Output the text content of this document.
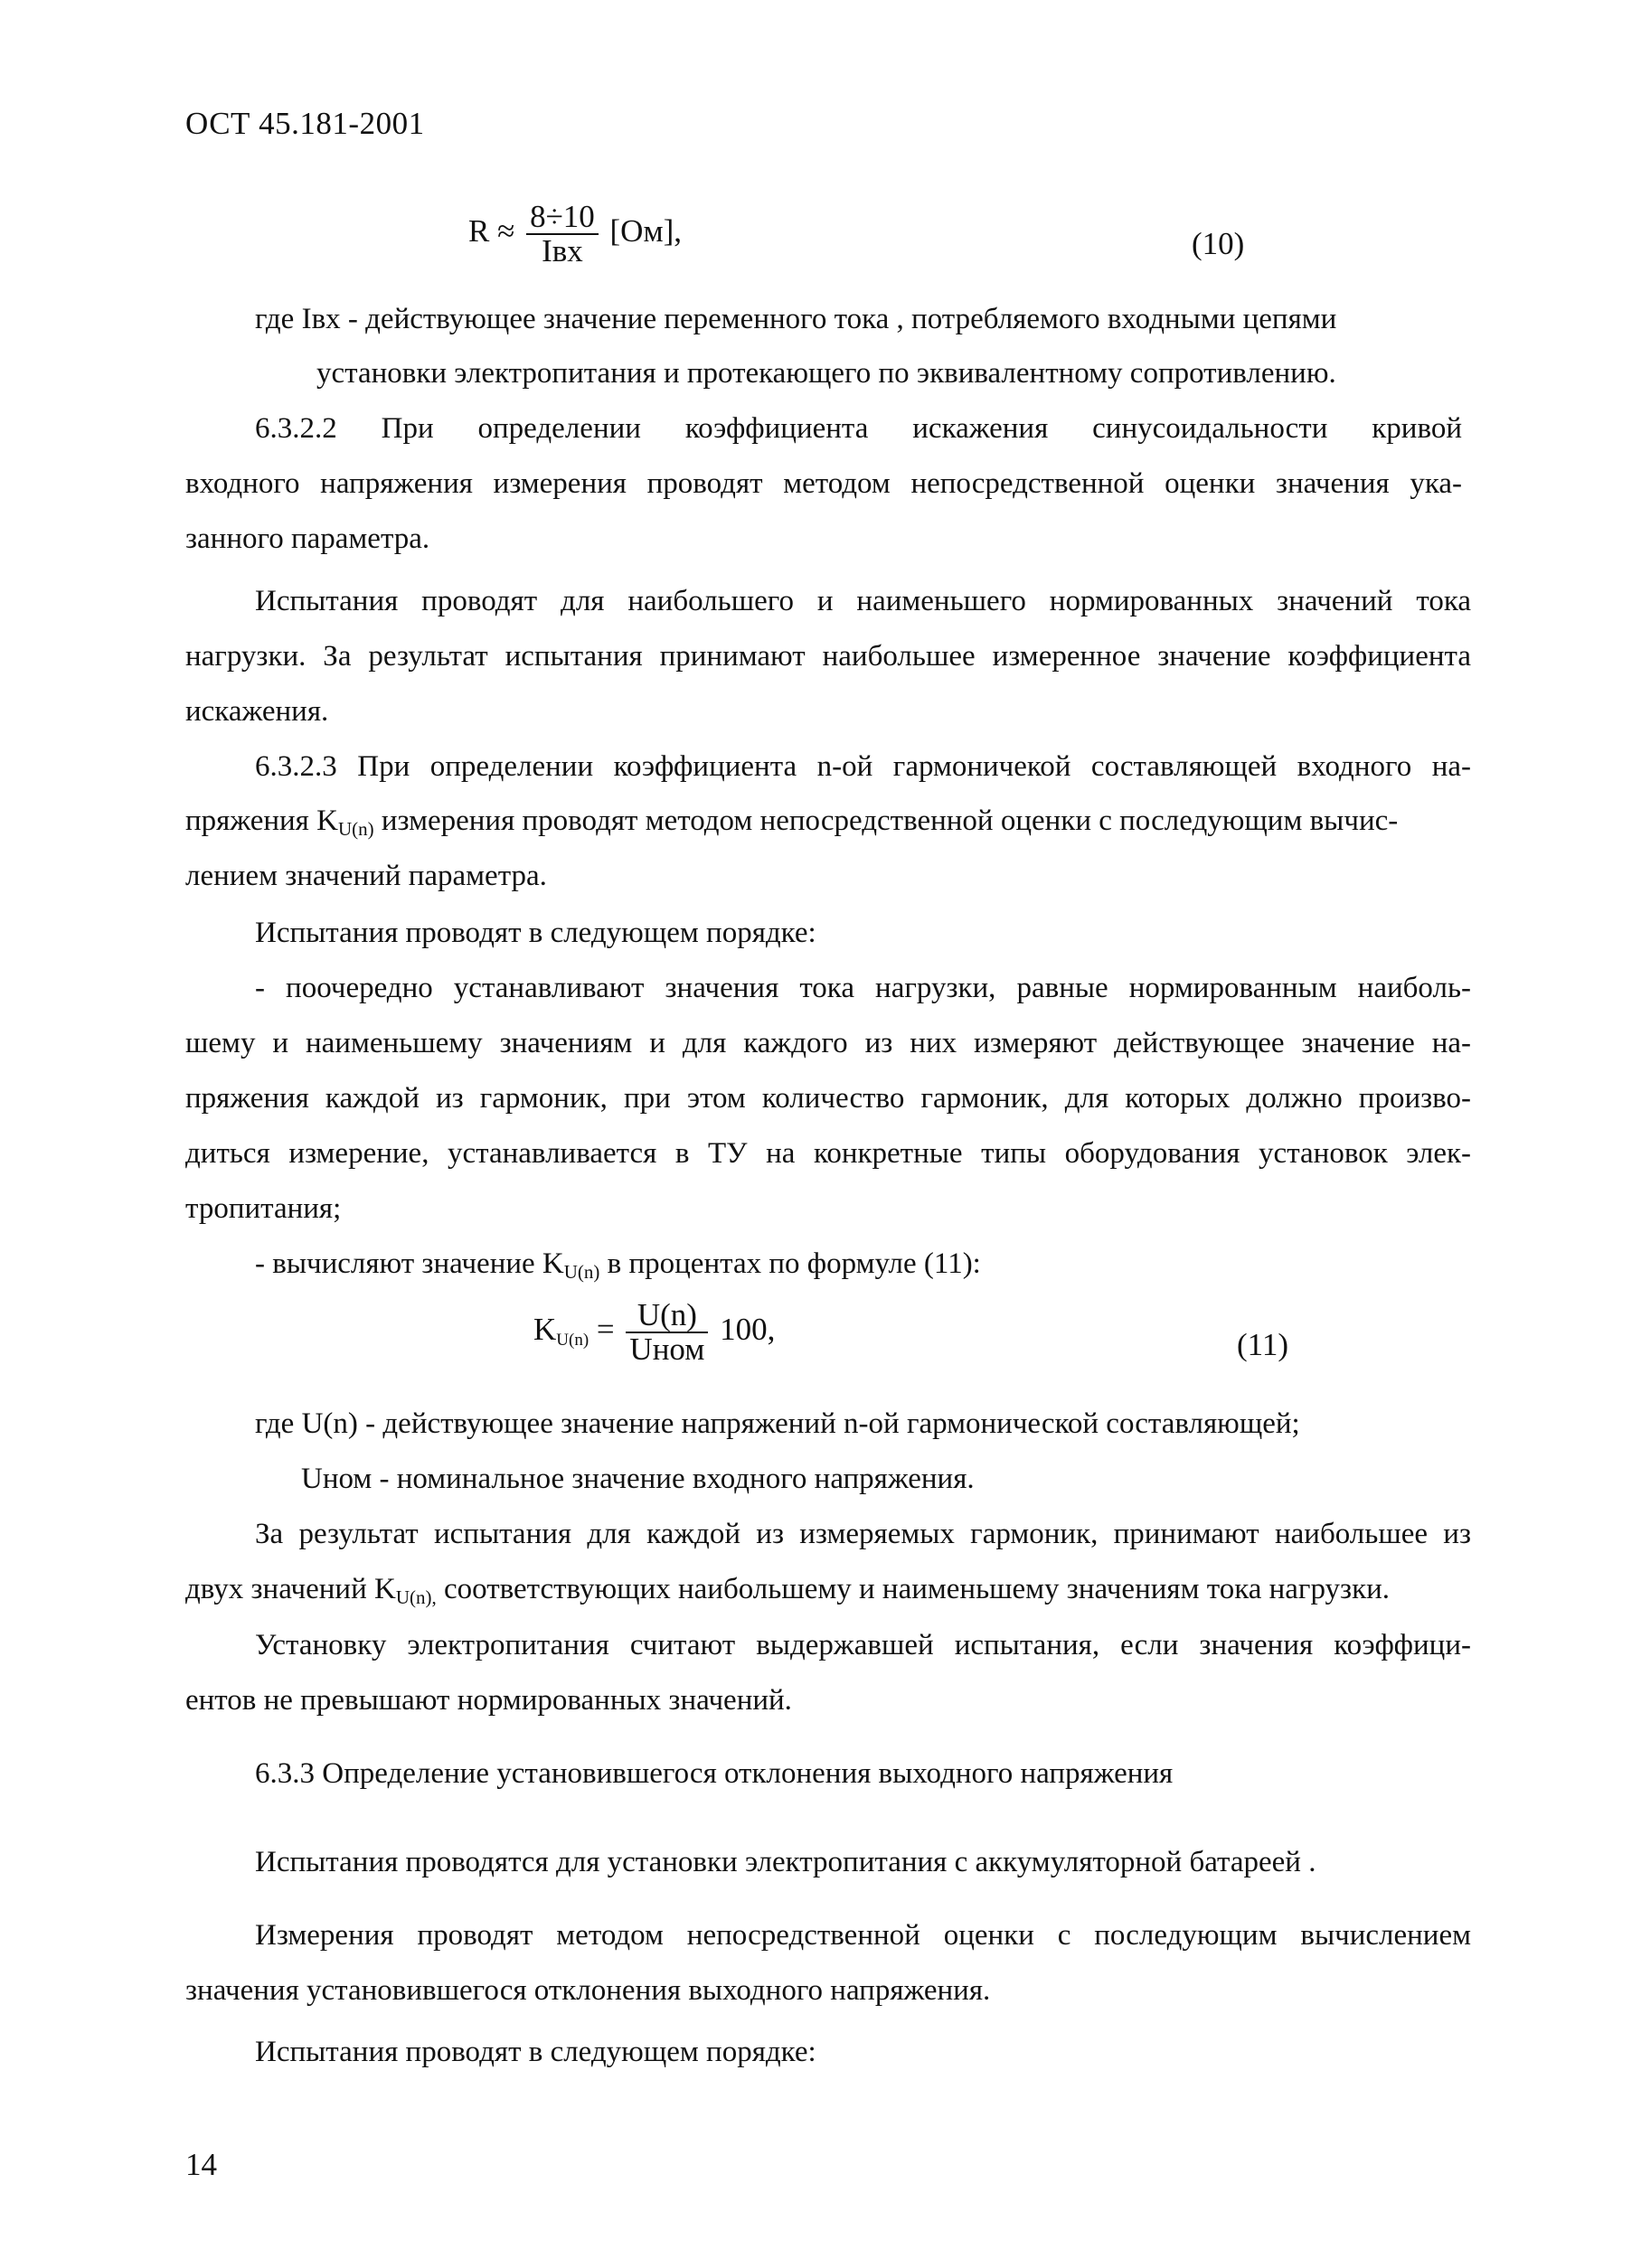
ОСТ 45.181-2001
$R \approx \frac{8\div 10}{\text{Iвх}} [Ом]$,	(10)
где Iвх - действующее значение переменного тока , потребляемого входными цепями
установки электропитания и протекающего по эквивалентному сопротивлению.
6.3.2.2 При определении коэффициента искажения синусоидальности кривой
входного напряжения измерения проводят методом непосредственной оценки значения ука-
занного параметра.
Испытания проводят для наибольшего и наименьшего нормированных значений тока
нагрузки. За результат испытания принимают наибольшее измеренное значение коэффициента
искажения.
6.3.2.3 При определении коэффициента n-ой гармоничекой составляющей входного на-
пряжения $K_{U(n)}$ измерения проводят методом непосредственной оценки с последующим вычис-
лением значений параметра.
Испытания проводят в следующем порядке:
- поочередно устанавливают значения тока нагрузки, равные нормированным наиболь-
шему и наименьшему значениям и для каждого из них измеряют действующее значение на-
пряжения каждой из гармоник, при этом количество гармоник, для которых должно произво-
диться измерение, устанавливается в ТУ на конкретные типы оборудования установок элек-
тропитания;
- вычисляют значение $K_{U(n)}$ в процентах по формуле (11):
$K_{U(n)} = \frac{U(n)}{\text{Uном}} 100$,	(11)
где U(n) - действующее значение напряжений n-ой гармонической составляющей;
Uном - номинальное значение входного напряжения.
За результат испытания для каждой из измеряемых гармоник, принимают наибольшее из
двух значений $K_{U(n),}$ соответствующих наибольшему и наименьшему значениям тока нагрузки.
Установку электропитания считают выдержавшей испытания, если значения коэффици-
ентов не превышают нормированных значений.
6.3.3 Определение установившегося отклонения выходного напряжения
Испытания проводятся для установки электропитания с аккумуляторной батареей .
Измерения проводят методом непосредственной оценки с последующим вычислением
значения установившегося отклонения выходного напряжения.
Испытания проводят в следующем порядке:
14
